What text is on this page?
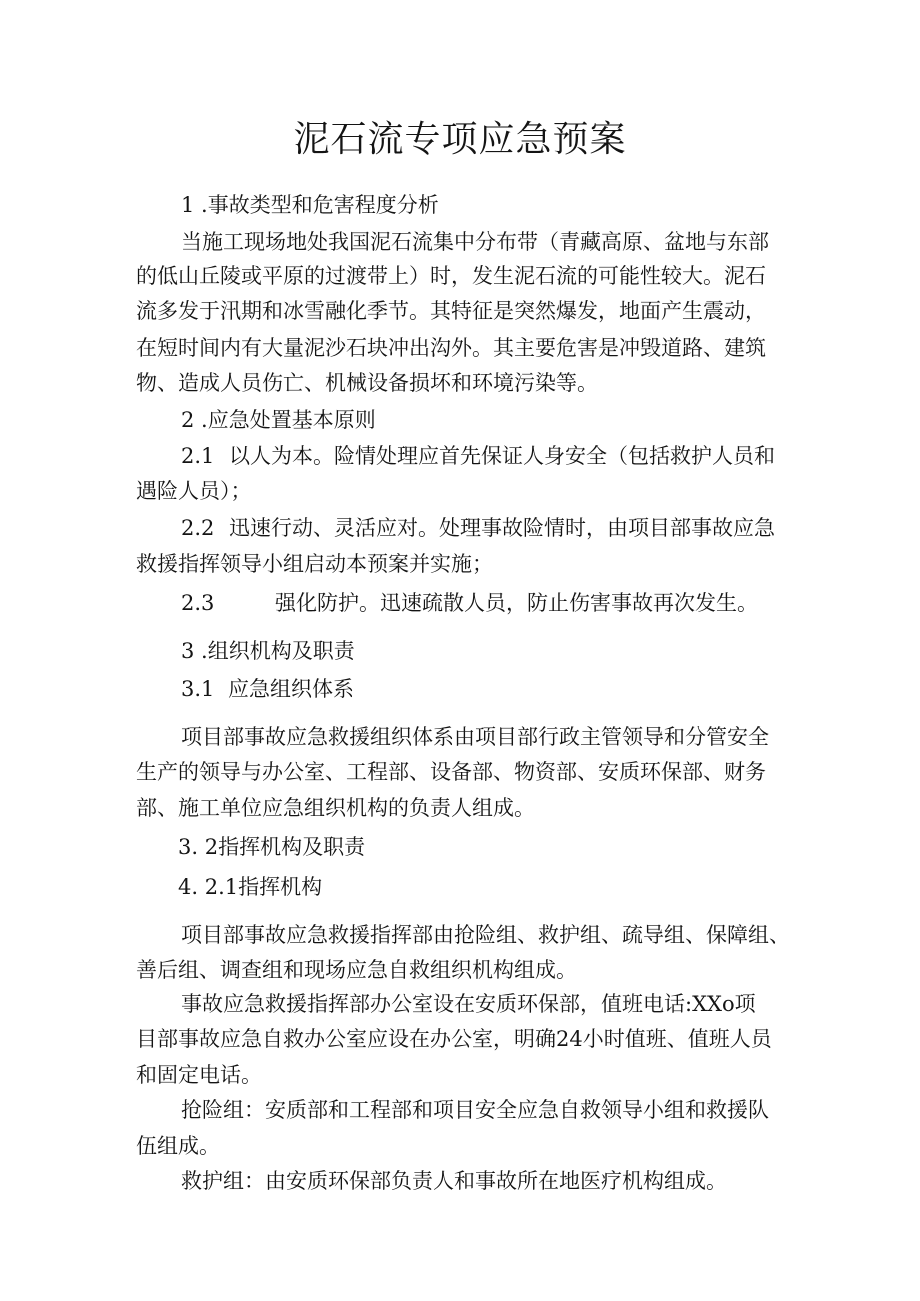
泥石流专项应急预案

1 .事故类型和危害程度分析

当施工现场地处我国泥石流集中分布带（青藏高原、盆地与东部

的低山丘陵或平原的过渡带上）时，发生泥石流的可能性较大。泥石

流多发于汛期和冰雪融化季节。其特征是突然爆发，地面产生震动，

在短时间内有大量泥沙石块冲出沟外。其主要危害是冲毁道路、建筑

物、造成人员伤亡、机械设备损坏和环境污染等。

2 .应急处置基本原则

2.1 以人为本。险情处理应首先保证人身安全（包括救护人员和

遇险人员）；

2.2 迅速行动、灵活应对。处理事故险情时，由项目部事故应急

救援指挥领导小组启动本预案并实施；

2.3	强化防护。迅速疏散人员，防止伤害事故再次发生。

3 .组织机构及职责

3.1 应急组织体系

项目部事故应急救援组织体系由项目部行政主管领导和分管安全

生产的领导与办公室、工程部、设备部、物资部、安质环保部、财务

部、施工单位应急组织机构的负责人组成。

3. 2指挥机构及职责

4. 2.1指挥机构

项目部事故应急救援指挥部由抢险组、救护组、疏导组、保障组、

善后组、调查组和现场应急自救组织机构组成。

事故应急救援指挥部办公室设在安质环保部，值班电话:XXo项

目部事故应急自救办公室应设在办公室，明确24小时值班、值班人员

和固定电话。

抢险组：安质部和工程部和项目安全应急自救领导小组和救援队

伍组成。

救护组：由安质环保部负责人和事故所在地医疗机构组成。
